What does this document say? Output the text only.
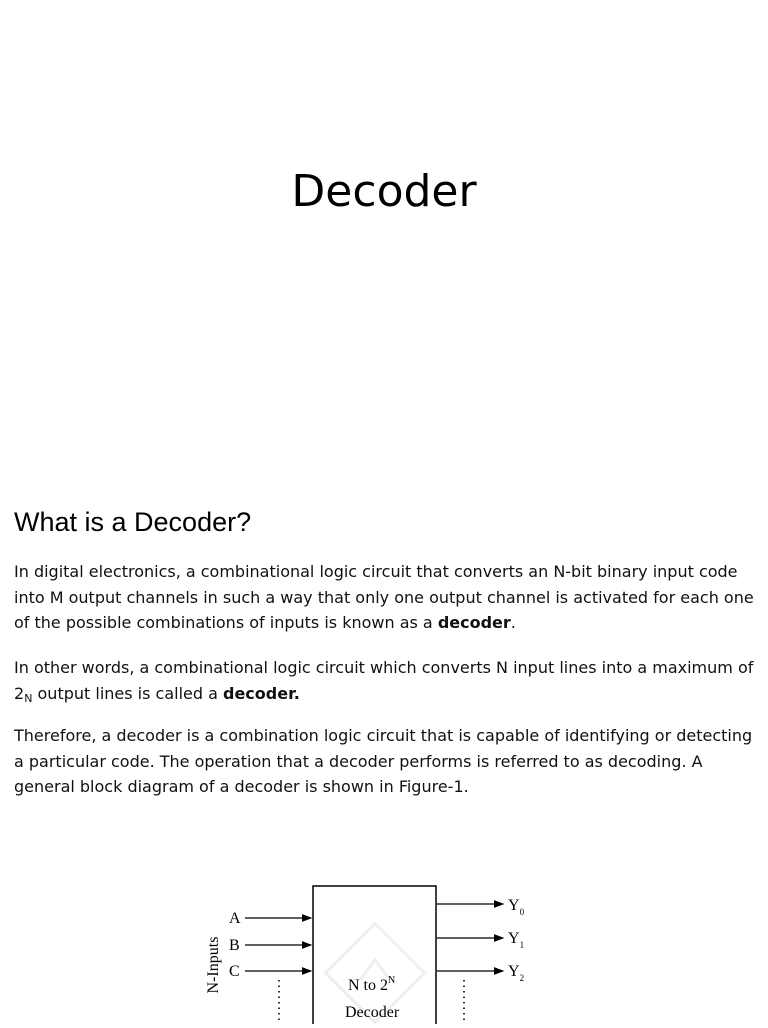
Decoder
What is a Decoder?

In digital electronics, a combinational logic circuit that converts an N-bit binary input code into M output channels in such a way that only one output channel is activated for each one of the possible combinations of inputs is known as a decoder.

In other words, a combinational logic circuit which converts N input lines into a maximum of $2_N$ output lines is called a decoder.

Therefore, a decoder is a combination logic circuit that is capable of identifying or detecting a particular code. The operation that a decoder performs is referred to as decoding. A general block diagram of a decoder is shown in Figure-1.

N-Inputs
A
B
C
$Y_0$
$Y_1$
$Y_2$
N to $2^N$
Decoder
